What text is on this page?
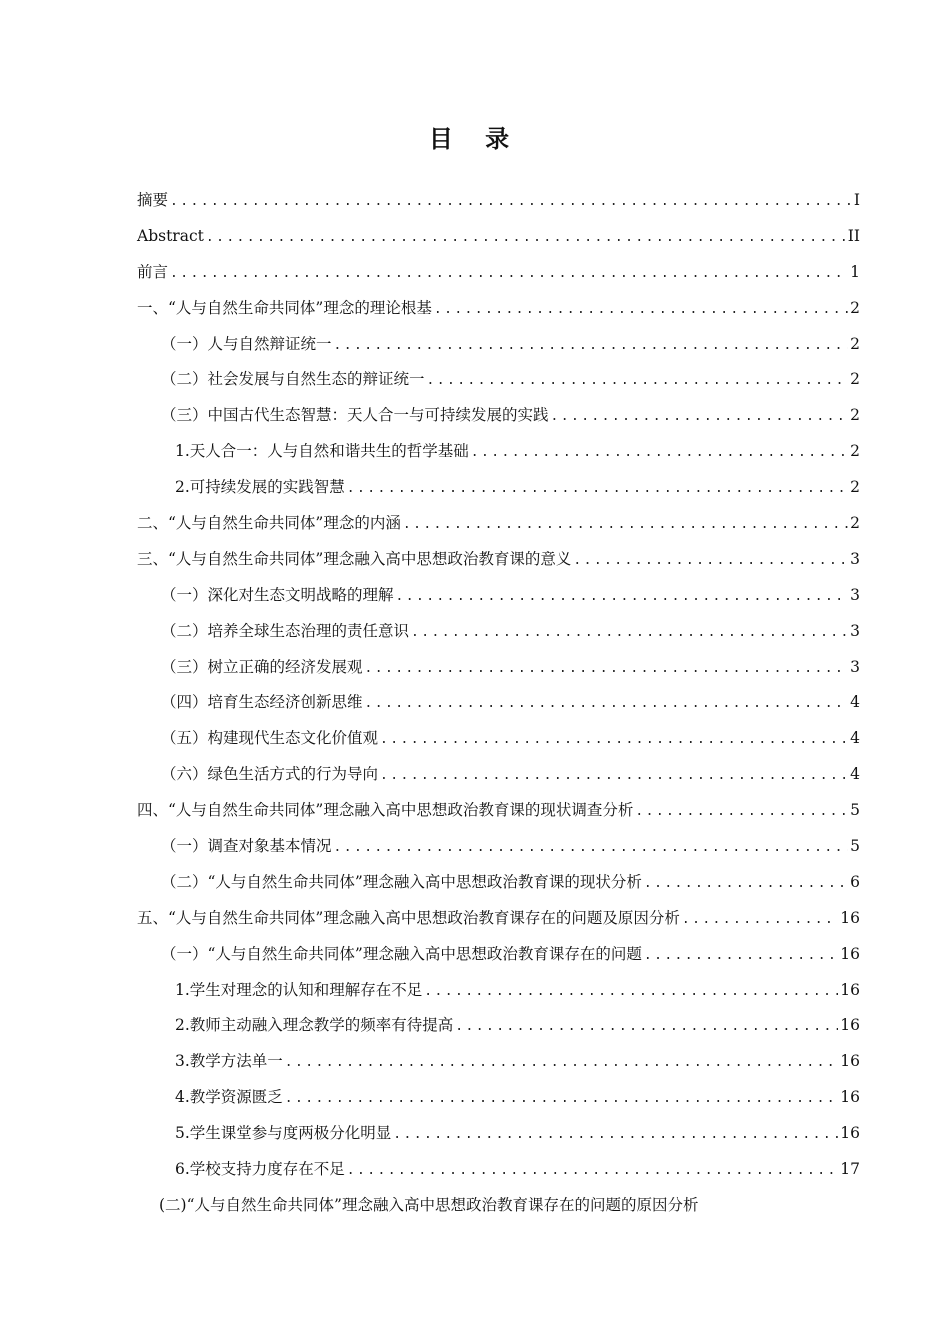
目 录
摘要 .....	I
Abstract .....	II
前言 .....	1
一、“人与自然生命共同体”理念的理论根基 .....	2
（一）人与自然辩证统一 .....	2
（二）社会发展与自然生态的辩证统一 .....	2
（三）中国古代生态智慧：天人合一与可持续发展的实践 .....	2
1.天人合一：人与自然和谐共生的哲学基础 .....	2
2.可持续发展的实践智慧 .....	2
二、“人与自然生命共同体”理念的内涵 .....	2
三、“人与自然生命共同体”理念融入高中思想政治教育课的意义 .....	3
（一）深化对生态文明战略的理解 .....	3
（二）培养全球生态治理的责任意识 .....	3
（三）树立正确的经济发展观 .....	3
（四）培育生态经济创新思维 .....	4
（五）构建现代生态文化价值观 .....	4
（六）绿色生活方式的行为导向 .....	4
四、“人与自然生命共同体”理念融入高中思想政治教育课的现状调查分析 .....	5
（一）调查对象基本情况 .....	5
（二）“人与自然生命共同体”理念融入高中思想政治教育课的现状分析 .....	6
五、“人与自然生命共同体”理念融入高中思想政治教育课存在的问题及原因分析 .....	16
（一）“人与自然生命共同体”理念融入高中思想政治教育课存在的问题 .....	16
1.学生对理念的认知和理解存在不足 .....	16
2.教师主动融入理念教学的频率有待提高 .....	16
3.教学方法单一 .....	16
4.教学资源匮乏 .....	16
5.学生课堂参与度两极分化明显 .....	16
6.学校支持力度存在不足 .....	17
(二)“人与自然生命共同体”理念融入高中思想政治教育课存在的问题的原因分析
